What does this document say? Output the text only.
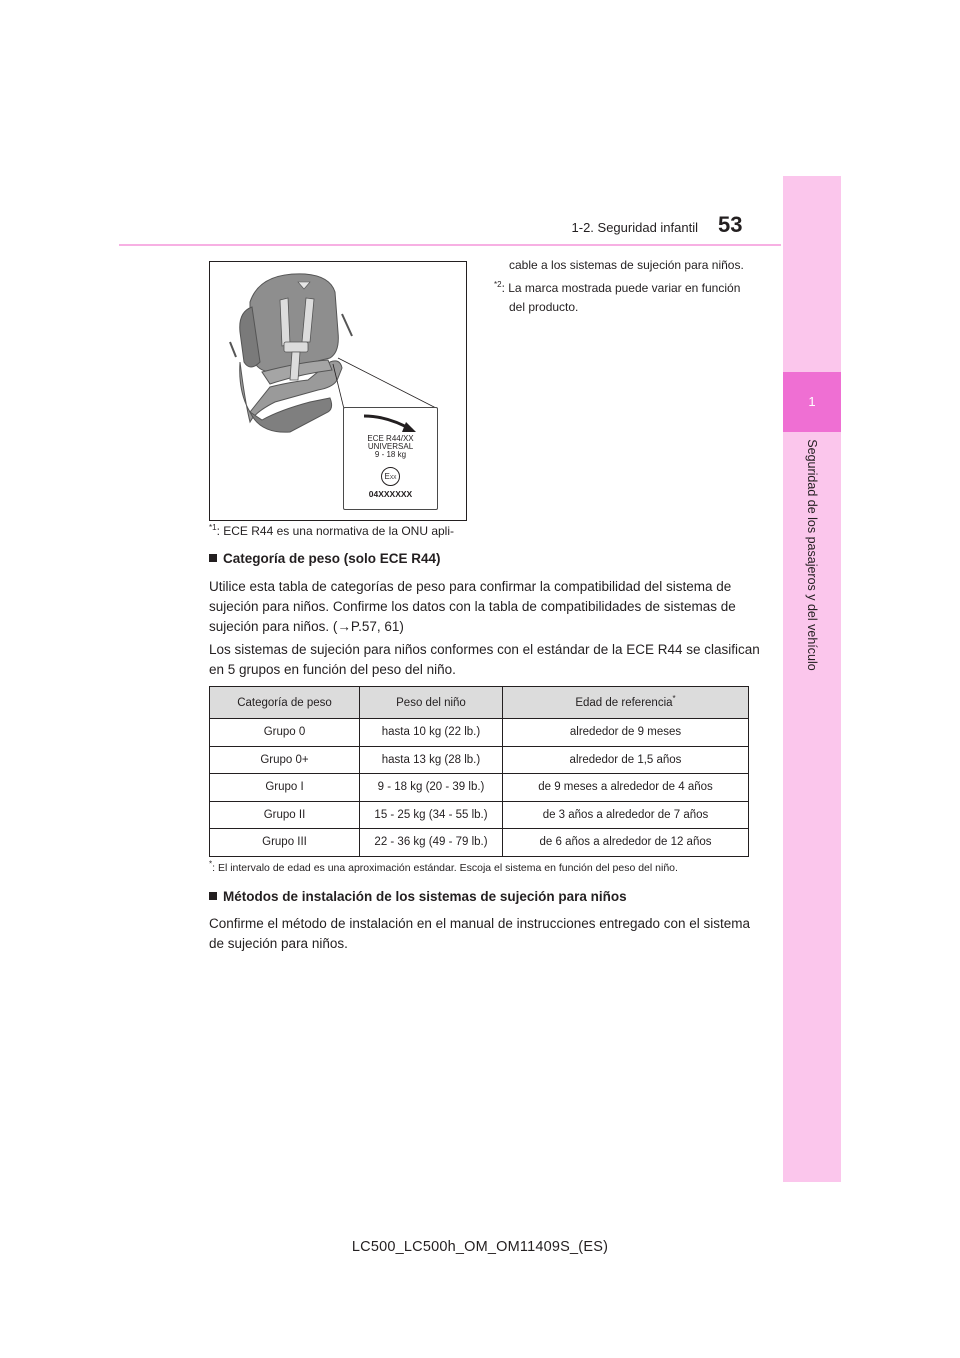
1
Seguridad de los pasajeros y del vehículo
1-2. Seguridad infantil 53
ECE R44/XX
UNIVERSAL
9 - 18 kg
EXX
04XXXXXX
$^{*1}$: ECE R44 es una normativa de la ONU apli-
cable a los sistemas de sujeción para niños.
$^{*2}$: La marca mostrada puede variar en función
del producto.
Categoría de peso (solo ECE R44)
Utilice esta tabla de categorías de peso para confirmar la compatibilidad del sistema de
sujeción para niños. Confirme los datos con la tabla de compatibilidades de sistemas de
sujeción para niños. (→P.57, 61)
Los sistemas de sujeción para niños conformes con el estándar de la ECE R44 se clasifican
en 5 grupos en función del peso del niño.
Categoría de peso	Peso del niño	Edad de referencia*
Grupo 0	hasta 10 kg (22 lb.)	alrededor de 9 meses
Grupo 0+	hasta 13 kg (28 lb.)	alrededor de 1,5 años
Grupo I	9 - 18 kg (20 - 39 lb.)	de 9 meses a alrededor de 4 años
Grupo II	15 - 25 kg (34 - 55 lb.)	de 3 años a alrededor de 7 años
Grupo III	22 - 36 kg (49 - 79 lb.)	de 6 años a alrededor de 12 años
*: El intervalo de edad es una aproximación estándar. Escoja el sistema en función del peso del niño.
Métodos de instalación de los sistemas de sujeción para niños
Confirme el método de instalación en el manual de instrucciones entregado con el sistema
de sujeción para niños.
LC500_LC500h_OM_OM11409S_(ES)
